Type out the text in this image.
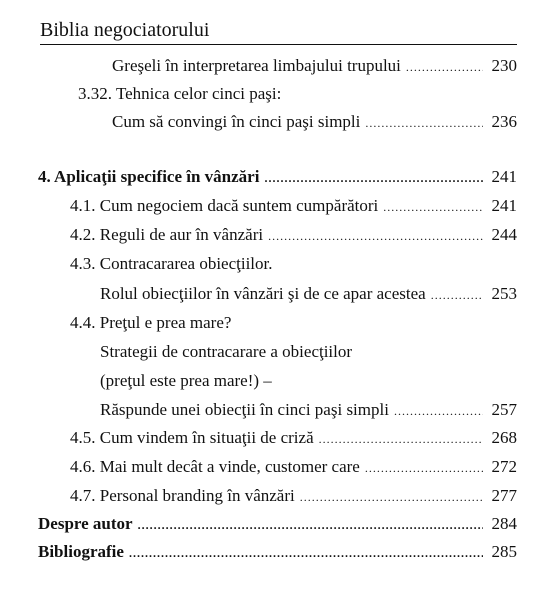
Biblia negociatorului
Greşeli în interpretarea limbajului trupului .....	230
3.32. Tehnica celor cinci paşi:
Cum să convingi în cinci paşi simpli .....	236
4. Aplicaţii specifice în vânzări .....	241
4.1. Cum negociem dacă suntem cumpărători .....	241
4.2. Reguli de aur în vânzări .....	244
4.3. Contracararea obiecţiilor.
Rolul obiecţiilor în vânzări şi de ce apar acestea .....	253
4.4. Preţul e prea mare?
Strategii de contracarare a obiecţiilor
(preţul este prea mare!) –
Răspunde unei obiecţii în cinci paşi simpli .....	257
4.5. Cum vindem în situaţii de criză .....	268
4.6. Mai mult decât a vinde, customer care .....	272
4.7. Personal branding în vânzări .....	277
Despre autor .....	284
Bibliografie .....	285
